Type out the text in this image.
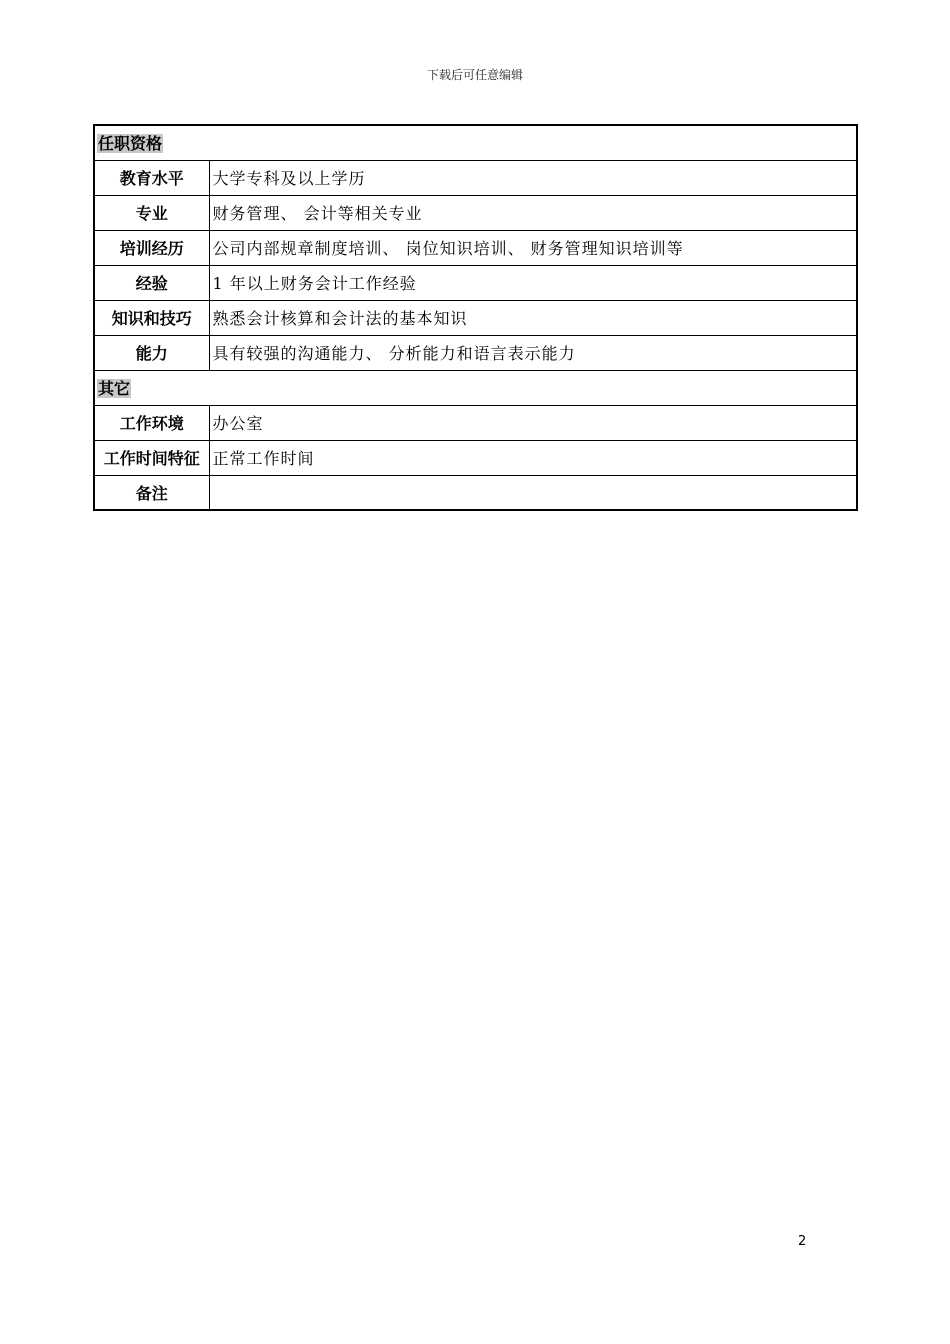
下载后可任意编辑
任职资格	
教育水平	大学专科及以上学历
专业	财务管理、 会计等相关专业
培训经历	公司内部规章制度培训、 岗位知识培训、 财务管理知识培训等
经验	1 年以上财务会计工作经验
知识和技巧	熟悉会计核算和会计法的基本知识
能力	具有较强的沟通能力、 分析能力和语言表示能力
其它	
工作环境	办公室
工作时间特征	正常工作时间
备注	
2
